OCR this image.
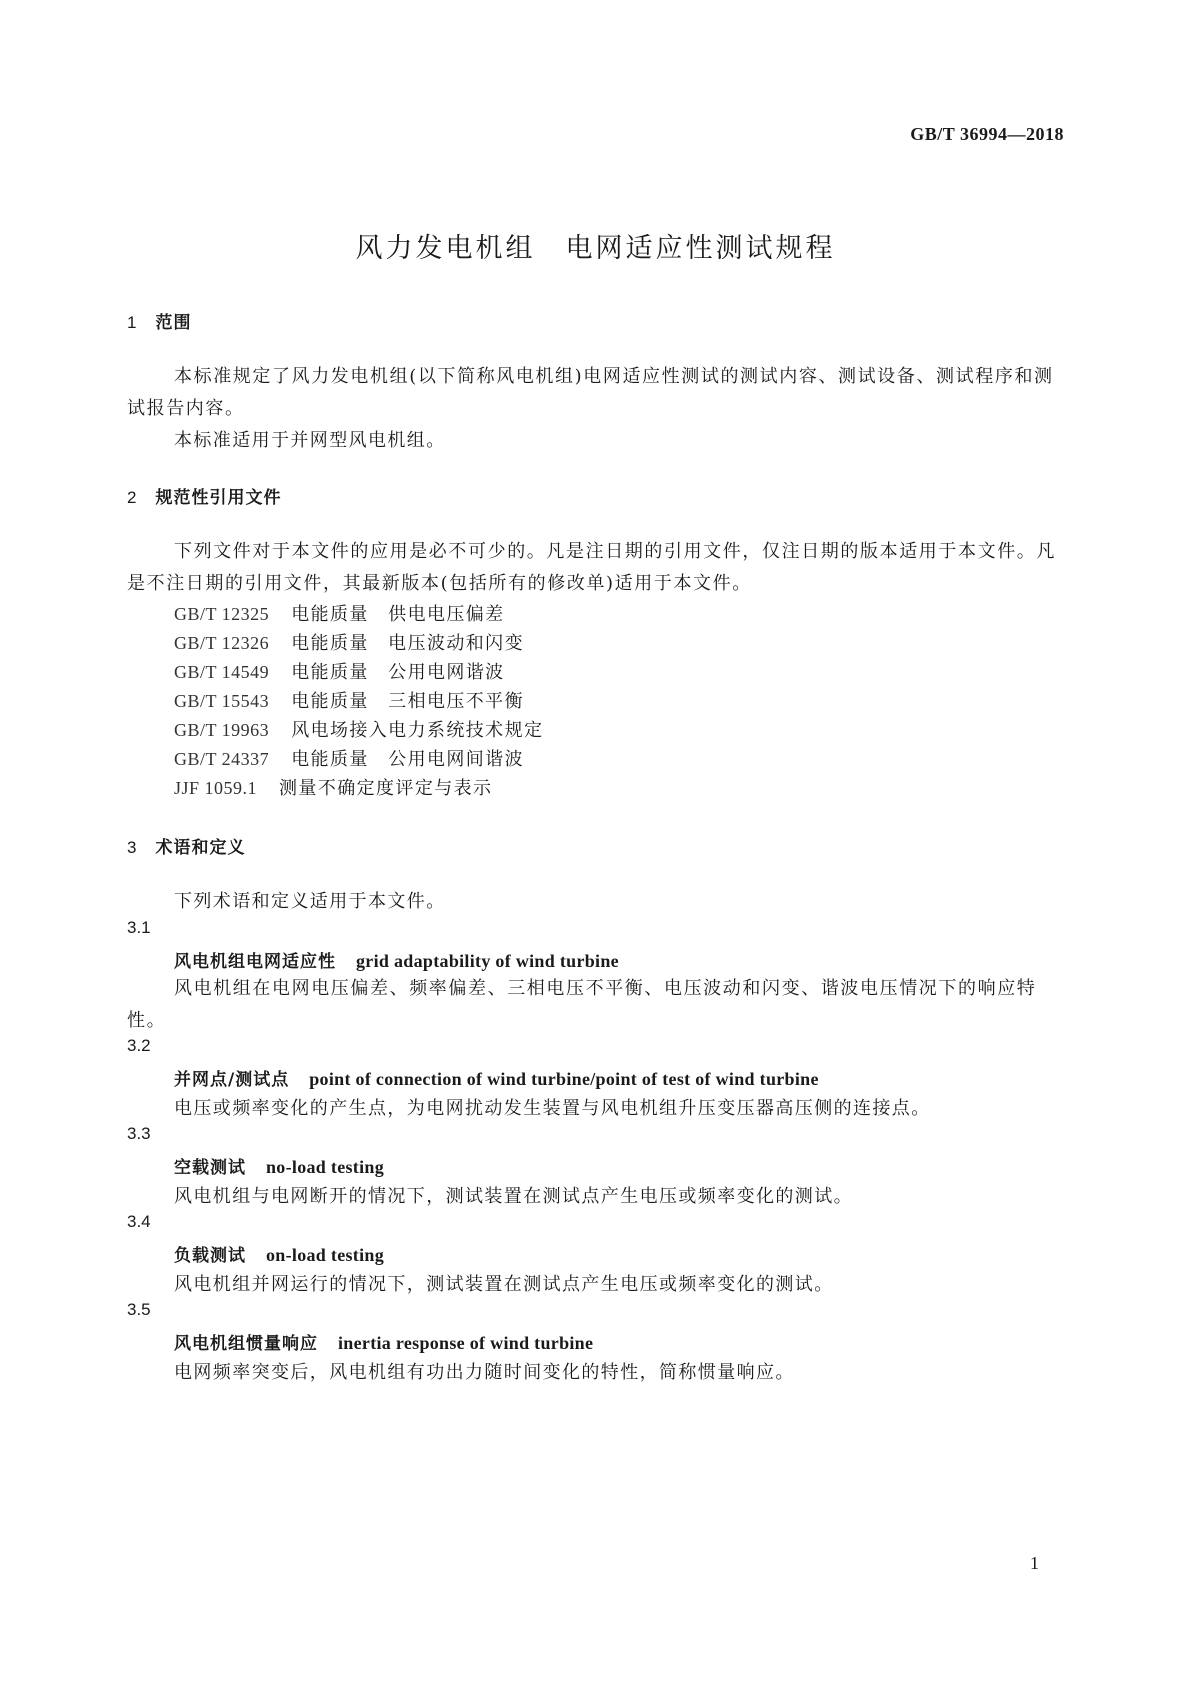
GB/T 36994—2018
风力发电机组　 电网适应性测试规程
1 范围
本标准规定了风力发电机组(以下简称风电机组)电网适应性测试的测试内容、测试设备、测试程序和测试报告内容。
本标准适用于并网型风电机组。
2 规范性引用文件
下列文件对于本文件的应用是必不可少的。凡是注日期的引用文件，仅注日期的版本适用于本文件。凡是不注日期的引用文件，其最新版本(包括所有的修改单)适用于本文件。
GB/T 12325 电能质量　供电电压偏差
GB/T 12326 电能质量　电压波动和闪变
GB/T 14549 电能质量　公用电网谐波
GB/T 15543 电能质量　三相电压不平衡
GB/T 19963 风电场接入电力系统技术规定
GB/T 24337 电能质量　公用电网间谐波
JJF 1059.1 测量不确定度评定与表示
3 术语和定义
下列术语和定义适用于本文件。
3.1
风电机组电网适应性 grid adaptability of wind turbine
风电机组在电网电压偏差、频率偏差、三相电压不平衡、电压波动和闪变、谐波电压情况下的响应特性。
3.2
并网点/测试点 point of connection of wind turbine/point of test of wind turbine
电压或频率变化的产生点，为电网扰动发生装置与风电机组升压变压器高压侧的连接点。
3.3
空载测试 no-load testing
风电机组与电网断开的情况下，测试装置在测试点产生电压或频率变化的测试。
3.4
负载测试 on-load testing
风电机组并网运行的情况下，测试装置在测试点产生电压或频率变化的测试。
3.5
风电机组惯量响应 inertia response of wind turbine
电网频率突变后，风电机组有功出力随时间变化的特性，简称惯量响应。
1
